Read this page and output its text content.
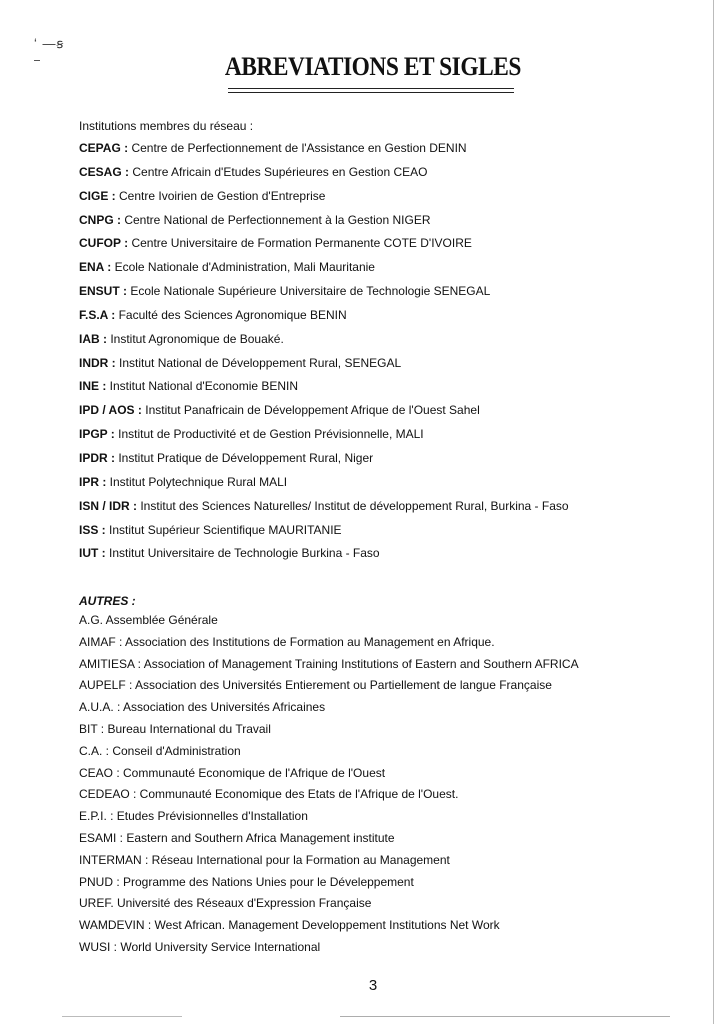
ʻ —ꞩ
ABREVIATIONS ET SIGLES

Institutions membres du réseau :

CEPAG : Centre de Perfectionnement de l'Assistance en Gestion DENIN

CESAG : Centre Africain d'Etudes Supérieures en Gestion CEAO

CIGE : Centre Ivoirien de Gestion d'Entreprise

CNPG : Centre National de Perfectionnement à la Gestion NIGER

CUFOP : Centre Universitaire de Formation Permanente COTE D'IVOIRE

ENA : Ecole Nationale d'Administration, Mali Mauritanie

ENSUT : Ecole Nationale Supérieure Universitaire de Technologie SENEGAL

F.S.A : Faculté des Sciences Agronomique BENIN

IAB : Institut Agronomique de Bouaké.

INDR : Institut National de Développement Rural, SENEGAL

INE : Institut National d'Economie BENIN

IPD / AOS : Institut Panafricain de Développement Afrique de l'Ouest Sahel

IPGP : Institut de Productivité et de Gestion Prévisionnelle, MALI

IPDR : Institut Pratique de Développement Rural, Niger

IPR : Institut Polytechnique Rural MALI

ISN / IDR : Institut des Sciences Naturelles/ Institut de développement Rural, Burkina - Faso

ISS : Institut Supérieur Scientifique MAURITANIE

IUT : Institut Universitaire de Technologie Burkina - Faso

AUTRES :

A.G. Assemblée Générale

AIMAF : Association des Institutions de Formation au Management en Afrique.

AMITIESA : Association of Management Training Institutions of Eastern and Southern AFRICA

AUPELF : Association des Universités Entierement ou Partiellement de langue Française

A.U.A. : Association des Universités Africaines

BIT : Bureau International du Travail

C.A. : Conseil d'Administration

CEAO : Communauté Economique de l'Afrique de l'Ouest

CEDEAO : Communauté Economique des Etats de l'Afrique de l'Ouest.

E.P.I. : Etudes Prévisionnelles d'Installation

ESAMI : Eastern and Southern Africa Management institute

INTERMAN : Réseau International pour la Formation au Management

PNUD : Programme des Nations Unies pour le Déveleppement

UREF. Université des Réseaux d'Expression Française

WAMDEVIN : West African. Management Developpement Institutions Net Work

WUSI : World University Service International

3
